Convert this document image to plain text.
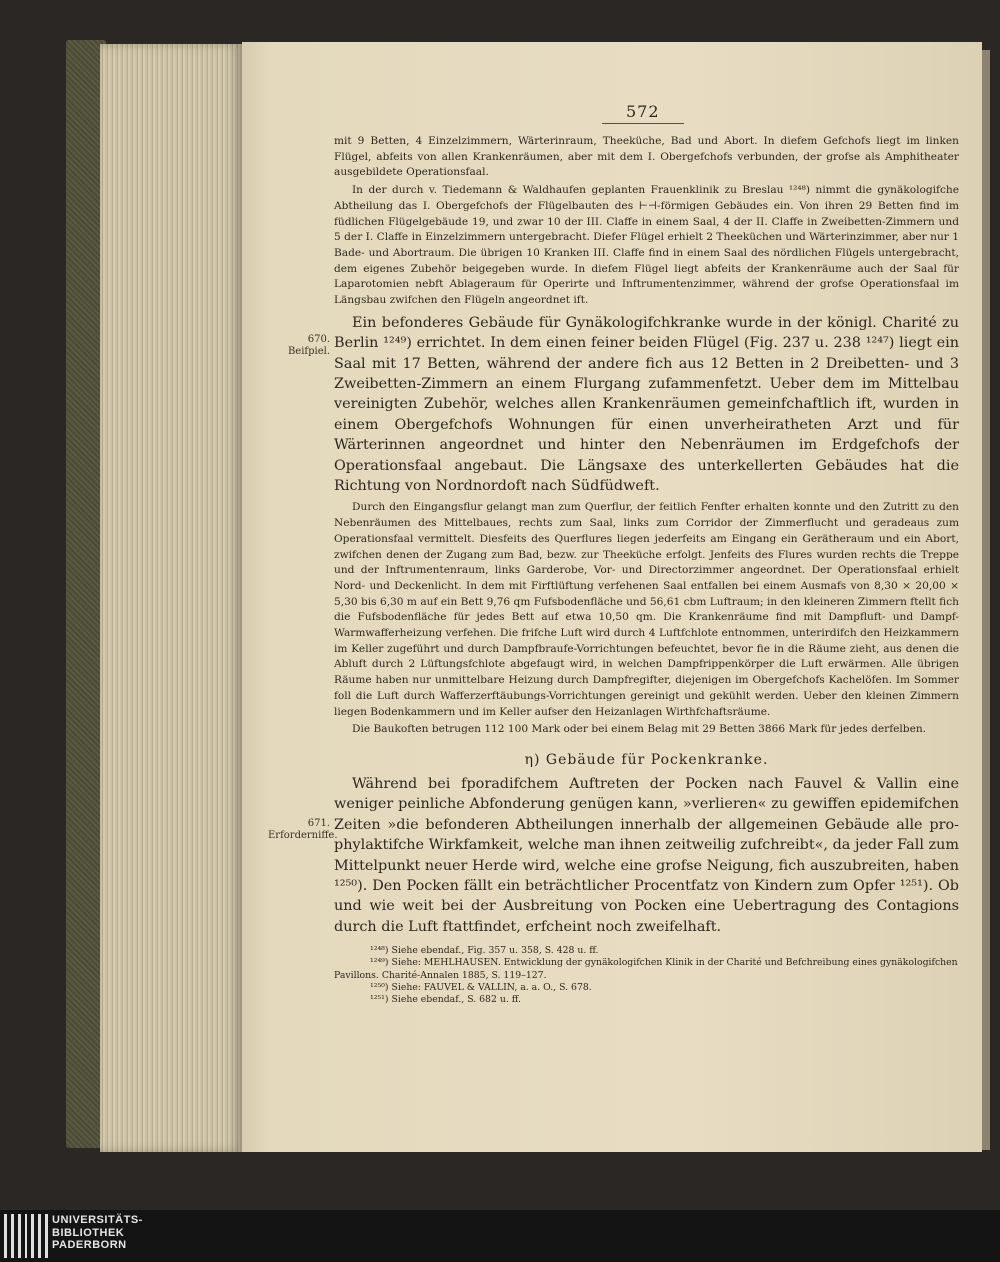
572
670.
Beifpiel.
671.
Erforderniffe.

mit 9 Betten, 4 Einzelzimmern, Wärterinraum, Theeküche, Bad und Abort. In diefem Gefchofs liegt im linken Flügel, abfeits von allen Krankenräumen, aber mit dem I. Obergefchofs verbunden, der grofse als Amphitheater ausgebildete Operationsfaal.

In der durch v. Tiedemann & Waldhaufen geplanten Frauenklinik zu Breslau ¹²⁴⁸) nimmt die gynäkologifche Abtheilung das I. Obergefchofs der Flügelbauten des ⊢⊣-förmigen Gebäudes ein. Von ihren 29 Betten find im füdlichen Flügelgebäude 19, und zwar 10 der III. Claffe in einem Saal, 4 der II. Claffe in Zweibetten-Zimmern und 5 der I. Claffe in Einzelzimmern untergebracht. Diefer Flügel erhielt 2 Theeküchen und Wärterinzimmer, aber nur 1 Bade- und Abortraum. Die übrigen 10 Kranken III. Claffe find in einem Saal des nördlichen Flügels untergebracht, dem eigenes Zubehör beigegeben wurde. In diefem Flügel liegt abfeits der Krankenräume auch der Saal für Laparotomien nebft Ablageraum für Operirte und Inftrumentenzimmer, während der grofse Operationsfaal im Längsbau zwifchen den Flügeln angeordnet ift.

Ein befonderes Gebäude für Gynäkologifchkranke wurde in der königl. Charité zu Berlin ¹²⁴⁹) errichtet. In dem einen feiner beiden Flügel (Fig. 237 u. 238 ¹²⁴⁷) liegt ein Saal mit 17 Betten, während der andere fich aus 12 Betten in 2 Dreibetten- und 3 Zweibetten-Zimmern an einem Flurgang zufammenfetzt. Ueber dem im Mittelbau vereinigten Zubehör, welches allen Krankenräumen gemeinfchaftlich ift, wurden in einem Obergefchofs Wohnungen für einen unverheiratheten Arzt und für Wärterinnen angeordnet und hinter den Nebenräumen im Erdgefchofs der Operationsfaal angebaut. Die Längsaxe des unterkellerten Gebäudes hat die Richtung von Nordnordoft nach Südfüdweft.

Durch den Eingangsflur gelangt man zum Querflur, der feitlich Fenfter erhalten konnte und den Zutritt zu den Nebenräumen des Mittelbaues, rechts zum Saal, links zum Corridor der Zimmerflucht und geradeaus zum Operationsfaal vermittelt. Diesfeits des Querflures liegen jederfeits am Eingang ein Gerätheraum und ein Abort, zwifchen denen der Zugang zum Bad, bezw. zur Theeküche erfolgt. Jenfeits des Flures wurden rechts die Treppe und der Inftrumentenraum, links Garderobe, Vor- und Directorzimmer angeordnet. Der Operationsfaal erhielt Nord- und Deckenlicht. In dem mit Firftlüftung verfehenen Saal entfallen bei einem Ausmafs von 8,30 × 20,00 × 5,30 bis 6,30 m auf ein Bett 9,76 qm Fufsbodenfläche und 56,61 cbm Luftraum; in den kleineren Zimmern ftellt fich die Fufsbodenfläche für jedes Bett auf etwa 10,50 qm. Die Krankenräume find mit Dampfluft- und Dampf-Warmwafferheizung verfehen. Die frifche Luft wird durch 4 Luftfchlote entnommen, unterirdifch den Heizkammern im Keller zugeführt und durch Dampfbraufe-Vorrichtungen befeuchtet, bevor fie in die Räume zieht, aus denen die Abluft durch 2 Lüftungsfchlote abgefaugt wird, in welchen Dampfrippenkörper die Luft erwärmen. Alle übrigen Räume haben nur unmittelbare Heizung durch Dampfregifter, diejenigen im Obergefchofs Kachelöfen. Im Sommer foll die Luft durch Wafferzerftäubungs-Vorrichtungen gereinigt und gekühlt werden. Ueber den kleinen Zimmern liegen Bodenkammern und im Keller aufser den Heizanlagen Wirthfchaftsräume.

Die Baukoften betrugen 112 100 Mark oder bei einem Belag mit 29 Betten 3866 Mark für jedes derfelben.

η) Gebäude für Pockenkranke.

Während bei fporadifchem Auftreten der Pocken nach Fauvel & Vallin eine weniger peinliche Abfonderung genügen kann, »verlieren« zu gewiffen epidemifchen Zeiten »die befonderen Abtheilungen innerhalb der allgemeinen Gebäude alle prophylaktifche Wirkfamkeit, welche man ihnen zeitweilig zufchreibt«, da jeder Fall zum Mittelpunkt neuer Herde wird, welche eine grofse Neigung, fich auszubreiten, haben ¹²⁵⁰). Den Pocken fällt ein beträchtlicher Procentfatz von Kindern zum Opfer ¹²⁵¹). Ob und wie weit bei der Ausbreitung von Pocken eine Uebertragung des Contagions durch die Luft ftattfindet, erfcheint noch zweifelhaft.

¹²⁴⁸) Siehe ebendaf., Fig. 357 u. 358, S. 428 u. ff.

¹²⁴⁹) Siehe: MEHLHAUSEN. Entwicklung der gynäkologifchen Klinik in der Charité und Befchreibung eines gynäkologifchen Pavillons. Charité-Annalen 1885, S. 119–127.

¹²⁵⁰) Siehe: FAUVEL & VALLIN, a. a. O., S. 678.

¹²⁵¹) Siehe ebendaf., S. 682 u. ff.

UNIVERSITÄTS-
BIBLIOTHEK
PADERBORN
